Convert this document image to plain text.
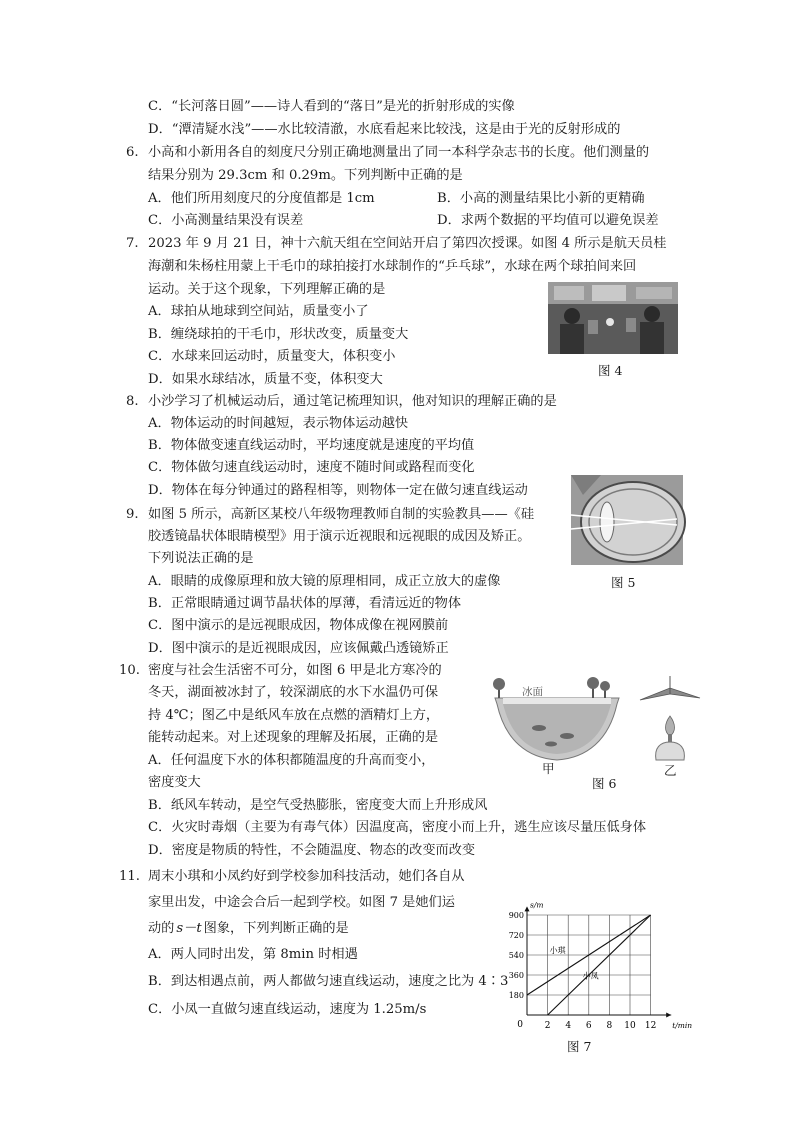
C．“长河落日圆”——诗人看到的“落日”是光的折射形成的实像
D．“潭清疑水浅”——水比较清澈，水底看起来比较浅，这是由于光的反射形成的
6. 小高和小新用各自的刻度尺分别正确地测量出了同一本科学杂志书的长度。他们测量的
结果分别为 29.3cm 和 0.29m。下列判断中正确的是
A．他们所用刻度尺的分度值都是 1cm	B．小高的测量结果比小新的更精确
C．小高测量结果没有误差	D．求两个数据的平均值可以避免误差
7. 2023 年 9 月 21 日，神十六航天组在空间站开启了第四次授课。如图 4 所示是航天员桂
海潮和朱杨柱用蒙上干毛巾的球拍接打水球制作的“乒乓球”，水球在两个球拍间来回
运动。关于这个现象，下列理解正确的是
A．球拍从地球到空间站，质量变小了
B．缠绕球拍的干毛巾，形状改变，质量变大
C．水球来回运动时，质量变大，体积变小
D．如果水球结冰，质量不变，体积变大
图 4
8. 小沙学习了机械运动后，通过笔记梳理知识，他对知识的理解正确的是
A．物体运动的时间越短，表示物体运动越快
B．物体做变速直线运动时，平均速度就是速度的平均值
C．物体做匀速直线运动时，速度不随时间或路程而变化
D．物体在每分钟通过的路程相等，则物体一定在做匀速直线运动
图 5
9. 如图 5 所示，高新区某校八年级物理教师自制的实验教具——《硅
胶透镜晶状体眼睛模型》用于演示近视眼和远视眼的成因及矫正。
下列说法正确的是
A．眼睛的成像原理和放大镜的原理相同，成正立放大的虚像
B．正常眼睛通过调节晶状体的厚薄，看清远近的物体
C．图中演示的是远视眼成因，物体成像在视网膜前
D．图中演示的是近视眼成因，应该佩戴凸透镜矫正
10. 密度与社会生活密不可分，如图 6 甲是北方寒冷的
冬天，湖面被冰封了，较深湖底的水下水温仍可保
持 4℃；图乙中是纸风车放在点燃的酒精灯上方，
能转动起来。对上述现象的理解及拓展，正确的是
A．任何温度下水的体积都随温度的升高而变小，
密度变大
B．纸风车转动，是空气受热膨胀，密度变大而上升形成风
C．火灾时毒烟（主要为有毒气体）因温度高，密度小而上升，逃生应该尽量压低身体
D．密度是物质的特性，不会随温度、物态的改变而改变
冰面
甲
图 6
乙
11. 周末小琪和小凤约好到学校参加科技活动，她们各自从
家里出发，中途会合后一起到学校。如图 7 是她们运
动的 s－t 图象，下列判断正确的是
A．两人同时出发，第 8min 时相遇
B．到达相遇点前，两人都做匀速直线运动，速度之比为 4∶3
C．小凤一直做匀速直线运动，速度为 1.25m/s
2 4 6 8 10 12
180
360
540
720
900
0	t/min
s/m
小琪
小凤
图 7
